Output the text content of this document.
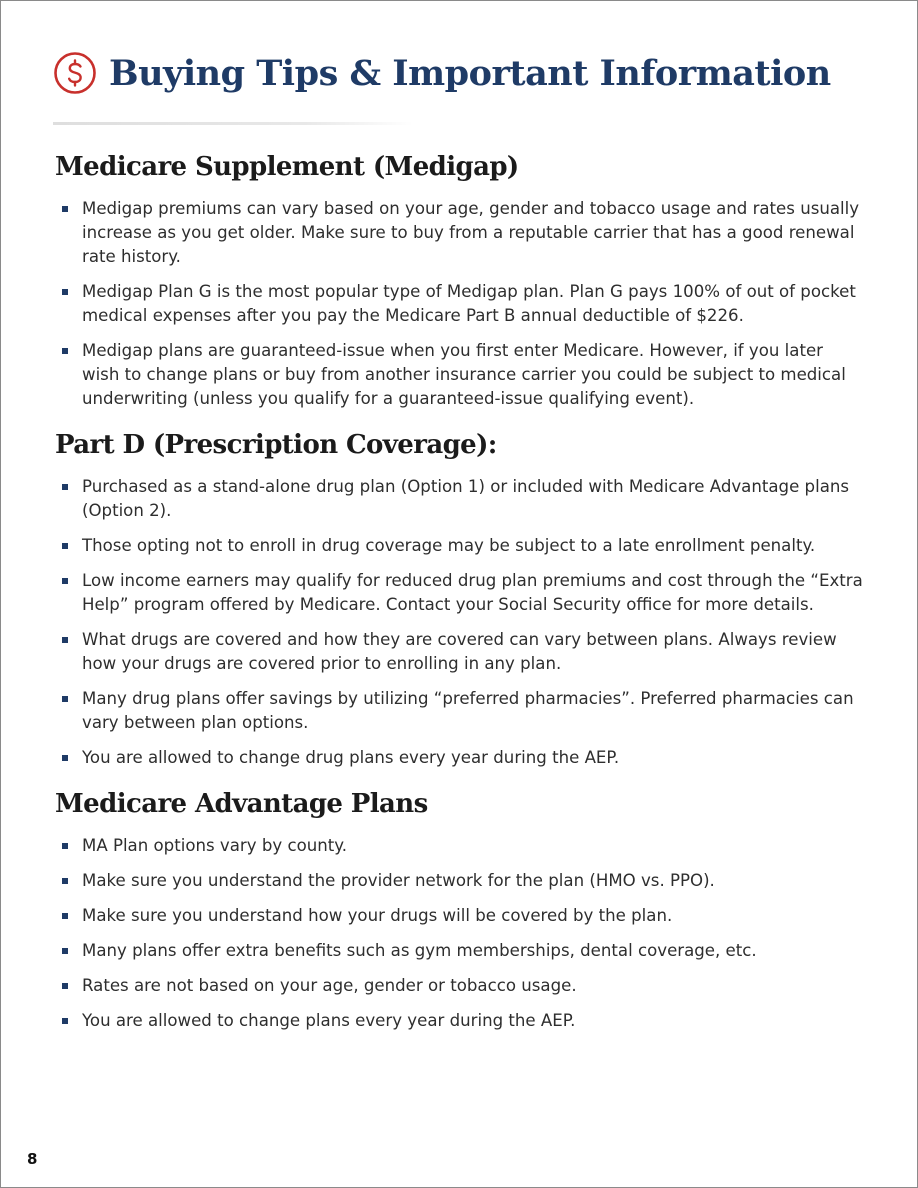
Buying Tips & Important Information
Medicare Supplement (Medigap)
Medigap premiums can vary based on your age, gender and tobacco usage and rates usually increase as you get older. Make sure to buy from a reputable carrier that has a good renewal rate history.
Medigap Plan G is the most popular type of Medigap plan. Plan G pays 100% of out of pocket medical expenses after you pay the Medicare Part B annual deductible of $226.
Medigap plans are guaranteed-issue when you first enter Medicare. However, if you later wish to change plans or buy from another insurance carrier you could be subject to medical underwriting (unless you qualify for a guaranteed-issue qualifying event).
Part D (Prescription Coverage):
Purchased as a stand-alone drug plan (Option 1) or included with Medicare Advantage plans (Option 2).
Those opting not to enroll in drug coverage may be subject to a late enrollment penalty.
Low income earners may qualify for reduced drug plan premiums and cost through the “Extra Help” program offered by Medicare. Contact your Social Security office for more details.
What drugs are covered and how they are covered can vary between plans. Always review how your drugs are covered prior to enrolling in any plan.
Many drug plans offer savings by utilizing “preferred pharmacies”. Preferred pharmacies can vary between plan options.
You are allowed to change drug plans every year during the AEP.
Medicare Advantage Plans
MA Plan options vary by county.
Make sure you understand the provider network for the plan (HMO vs. PPO).
Make sure you understand how your drugs will be covered by the plan.
Many plans offer extra benefits such as gym memberships, dental coverage, etc.
Rates are not based on your age, gender or tobacco usage.
You are allowed to change plans every year during the AEP.
8
